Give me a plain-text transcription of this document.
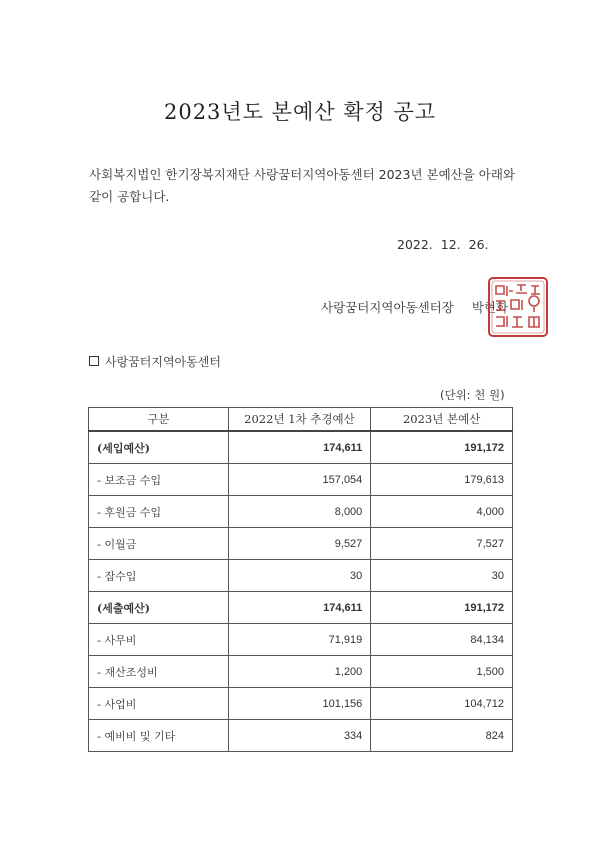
2023년도 본예산 확정 공고
사회복지법인 한기장복지재단 사랑꿈터지역아동센터 2023년 본예산을 아래와 같이 공합니다.
2022. 12. 26.
사랑꿈터지역아동센터장 박현화
사랑꿈터지역아동센터
(단위: 천 원)
구분	2022년 1차 추경예산	2023년 본예산
(세입예산)	174,611	191,172
- 보조금 수입	157,054	179,613
- 후원금 수입	8,000	4,000
- 이월금	9,527	7,527
- 잡수입	30	30
(세출예산)	174,611	191,172
- 사무비	71,919	84,134
- 재산조성비	1,200	1,500
- 사업비	101,156	104,712
- 예비비 및 기타	334	824
